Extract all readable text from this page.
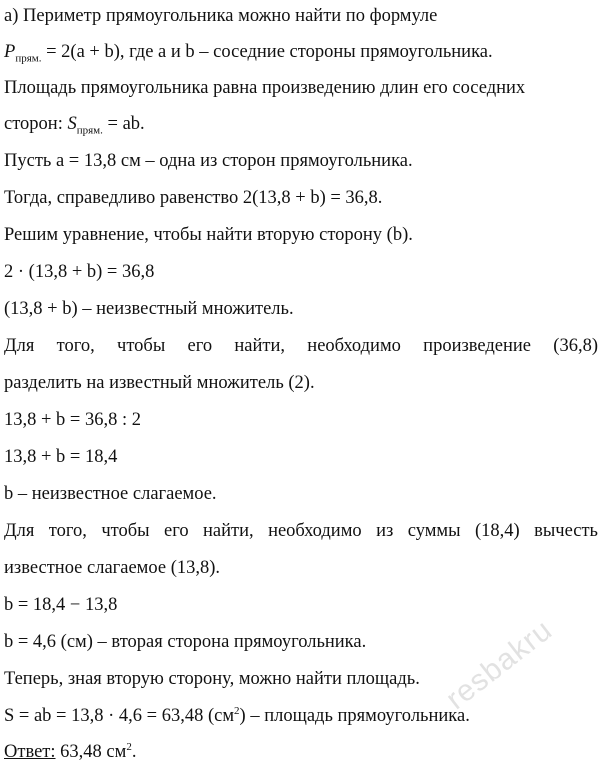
а) Периметр прямоугольника можно найти по формуле
$P_{прям.} = 2(a + b)$, где a и b – соседние стороны прямоугольника.
Площадь прямоугольника равна произведению длин его соседних
сторон: $S_{прям.}$ = ab.
Пусть a = 13,8 см – одна из сторон прямоугольника.
Тогда, справедливо равенство 2(13,8 + b) = 36,8.
Решим уравнение, чтобы найти вторую сторону (b).
2 · (13,8 + b) = 36,8
(13,8 + b) – неизвестный множитель.
Для того, чтобы его найти, необходимо произведение (36,8)
разделить на известный множитель (2).
13,8 + b = 36,8 : 2
13,8 + b = 18,4
b – неизвестное слагаемое.
Для того, чтобы его найти, необходимо из суммы (18,4) вычесть
известное слагаемое (13,8).
b = 18,4 − 13,8
b = 4,6 (см) – вторая сторона прямоугольника.
Теперь, зная вторую сторону, можно найти площадь.
S = ab = 13,8 · 4,6 = 63,48 $(см^2)$ – площадь прямоугольника.
Ответ: 63,48 $см^2$.
resbakru
